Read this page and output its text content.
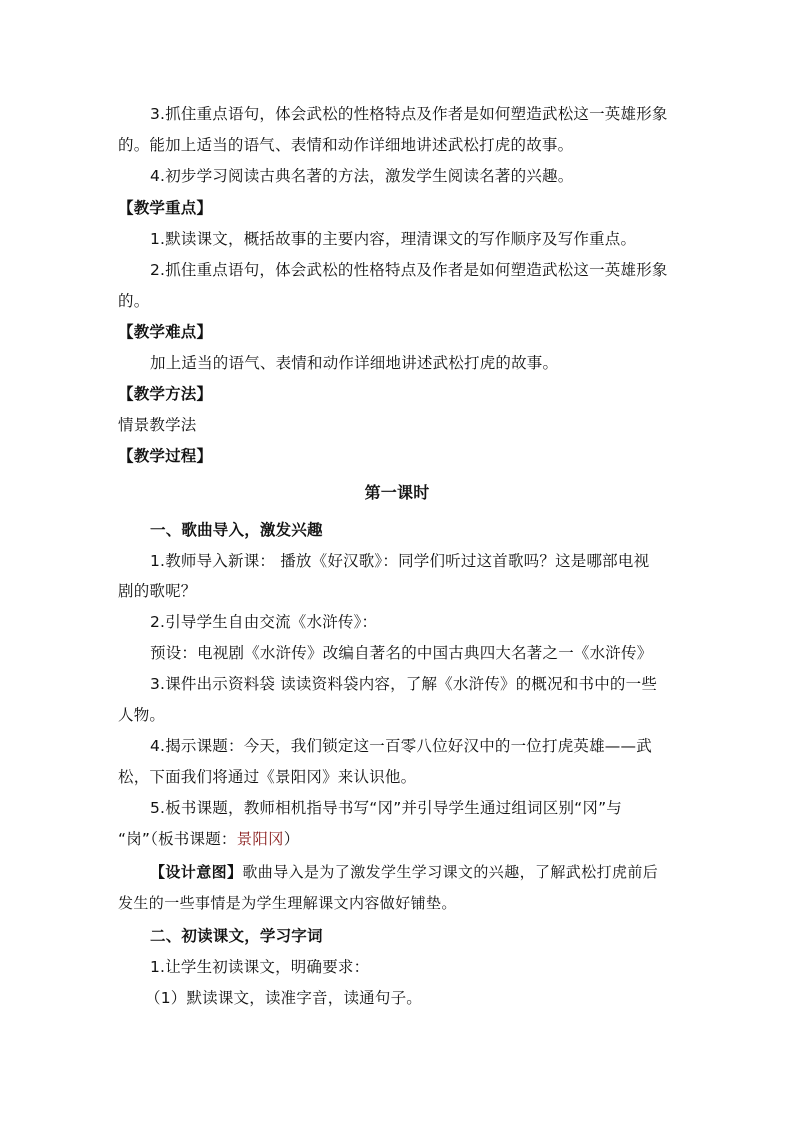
3.抓住重点语句，体会武松的性格特点及作者是如何塑造武松这一英雄形象
的。能加上适当的语气、表情和动作详细地讲述武松打虎的故事。
4.初步学习阅读古典名著的方法，激发学生阅读名著的兴趣。
【教学重点】
1.默读课文，概括故事的主要内容，理清课文的写作顺序及写作重点。
2.抓住重点语句，体会武松的性格特点及作者是如何塑造武松这一英雄形象
的。
【教学难点】
加上适当的语气、表情和动作详细地讲述武松打虎的故事。
【教学方法】
情景教学法
【教学过程】
第一课时
一、歌曲导入，激发兴趣
1.教师导入新课： 播放《好汉歌》：同学们听过这首歌吗？这是哪部电视
剧的歌呢？
2.引导学生自由交流《水浒传》：
预设：电视剧《水浒传》改编自著名的中国古典四大名著之一《水浒传》
3.课件出示资料袋 读读资料袋内容，了解《水浒传》的概况和书中的一些
人物。
4.揭示课题：今天，我们锁定这一百零八位好汉中的一位打虎英雄——武
松，下面我们将通过《景阳冈》来认识他。
5.板书课题，教师相机指导书写“冈”并引导学生通过组词区别“冈”与
“岗”（板书课题：景阳冈）
【设计意图】歌曲导入是为了激发学生学习课文的兴趣，了解武松打虎前后
发生的一些事情是为学生理解课文内容做好铺垫。
二、初读课文，学习字词
1.让学生初读课文，明确要求：
（1）默读课文，读准字音，读通句子。
